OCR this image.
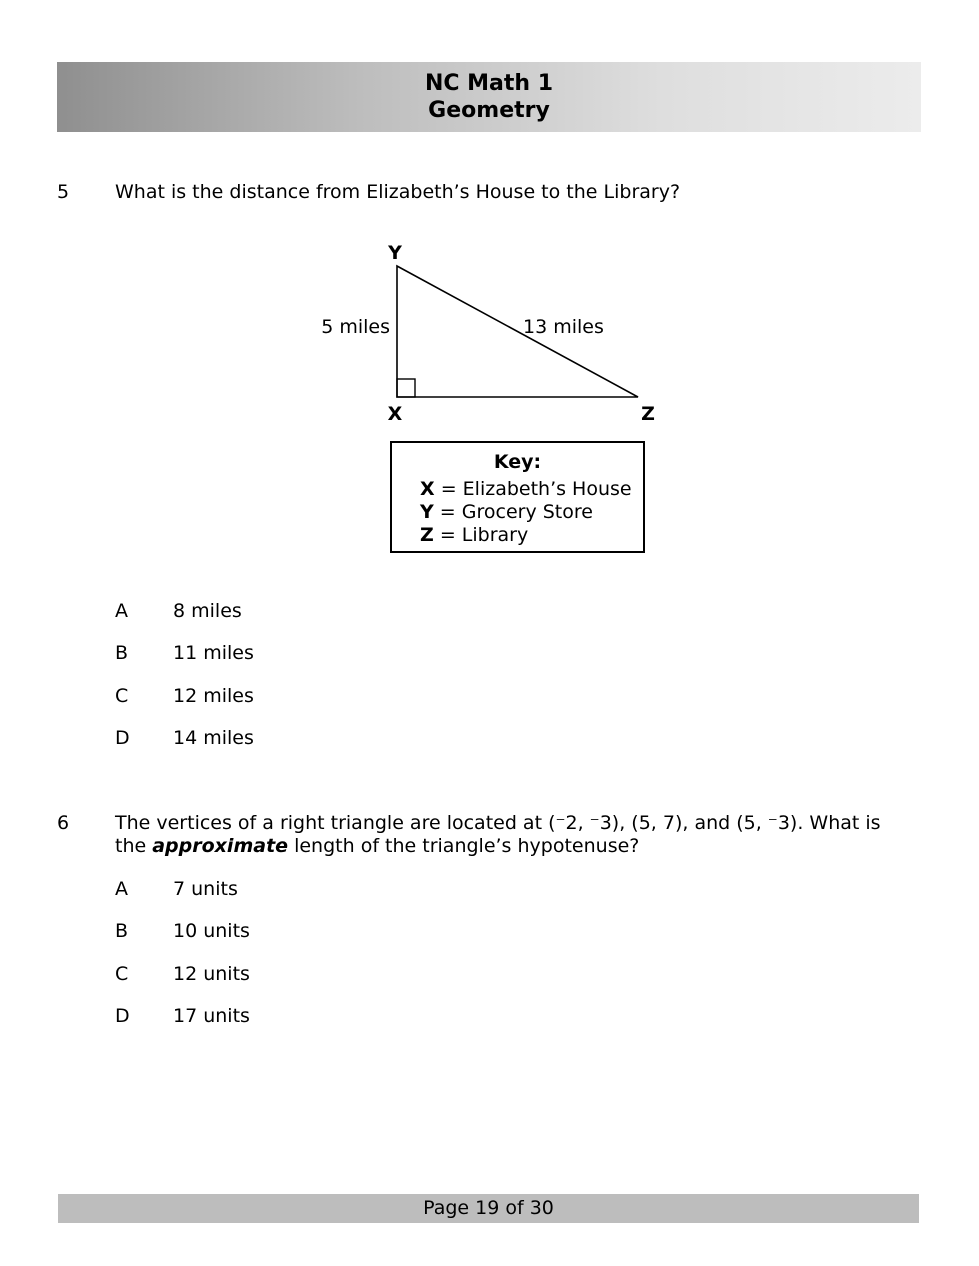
NC Math 1
Geometry
5 What is the distance from Elizabeth’s House to the Library?
Y
X	Z
5 miles	13 miles
Key:
X = Elizabeth’s House
Y = Grocery Store
Z = Library
A 8 miles
B 11 miles
C 12 miles
D 14 miles
6 The vertices of a right triangle are located at (⁻2, ⁻3), (5, 7), and (5, ⁻3). What is the approximate length of the triangle’s hypotenuse?
A 7 units
B 10 units
C 12 units
D 17 units
Page 19 of 30
